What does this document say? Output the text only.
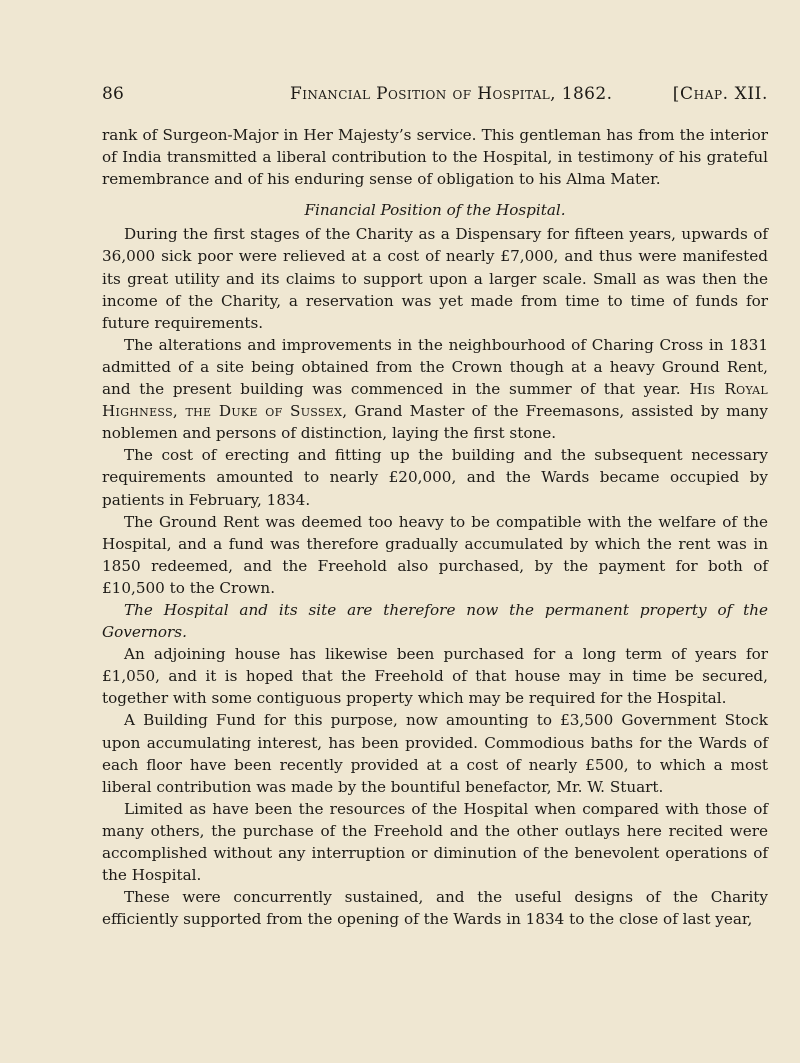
86	Financial Position of Hospital, 1862.	[Chap. XII.

rank of Surgeon-Major in Her Majesty’s service. This gentleman has from the interior of India transmitted a liberal contribution to the Hospital, in testimony of his grateful remembrance and of his enduring sense of obligation to his Alma Mater.

Financial Position of the Hospital.

During the first stages of the Charity as a Dispensary for fifteen years, upwards of 36,000 sick poor were relieved at a cost of nearly £7,000, and thus were manifested its great utility and its claims to support upon a larger scale. Small as was then the income of the Charity, a reservation was yet made from time to time of funds for future requirements.

The alterations and improvements in the neighbourhood of Charing Cross in 1831 admitted of a site being obtained from the Crown though at a heavy Ground Rent, and the present building was commenced in the summer of that year. His Royal Highness, the Duke of Sussex, Grand Master of the Freemasons, assisted by many noblemen and persons of distinction, laying the first stone.

The cost of erecting and fitting up the building and the subsequent necessary requirements amounted to nearly £20,000, and the Wards became occupied by patients in February, 1834.

The Ground Rent was deemed too heavy to be compatible with the welfare of the Hospital, and a fund was therefore gradually accumulated by which the rent was in 1850 redeemed, and the Freehold also purchased, by the payment for both of £10,500 to the Crown.

The Hospital and its site are therefore now the permanent property of the Governors.

An adjoining house has likewise been purchased for a long term of years for £1,050, and it is hoped that the Freehold of that house may in time be secured, together with some contiguous property which may be required for the Hospital.

A Building Fund for this purpose, now amounting to £3,500 Government Stock upon accumulating interest, has been provided. Commodious baths for the Wards of each floor have been recently provided at a cost of nearly £500, to which a most liberal contribution was made by the bountiful benefactor, Mr. W. Stuart.

Limited as have been the resources of the Hospital when compared with those of many others, the purchase of the Freehold and the other outlays here recited were accomplished without any interruption or diminution of the benevolent operations of the Hospital.

These were concurrently sustained, and the useful designs of the Charity efficiently supported from the opening of the Wards in 1834 to the close of last year,
